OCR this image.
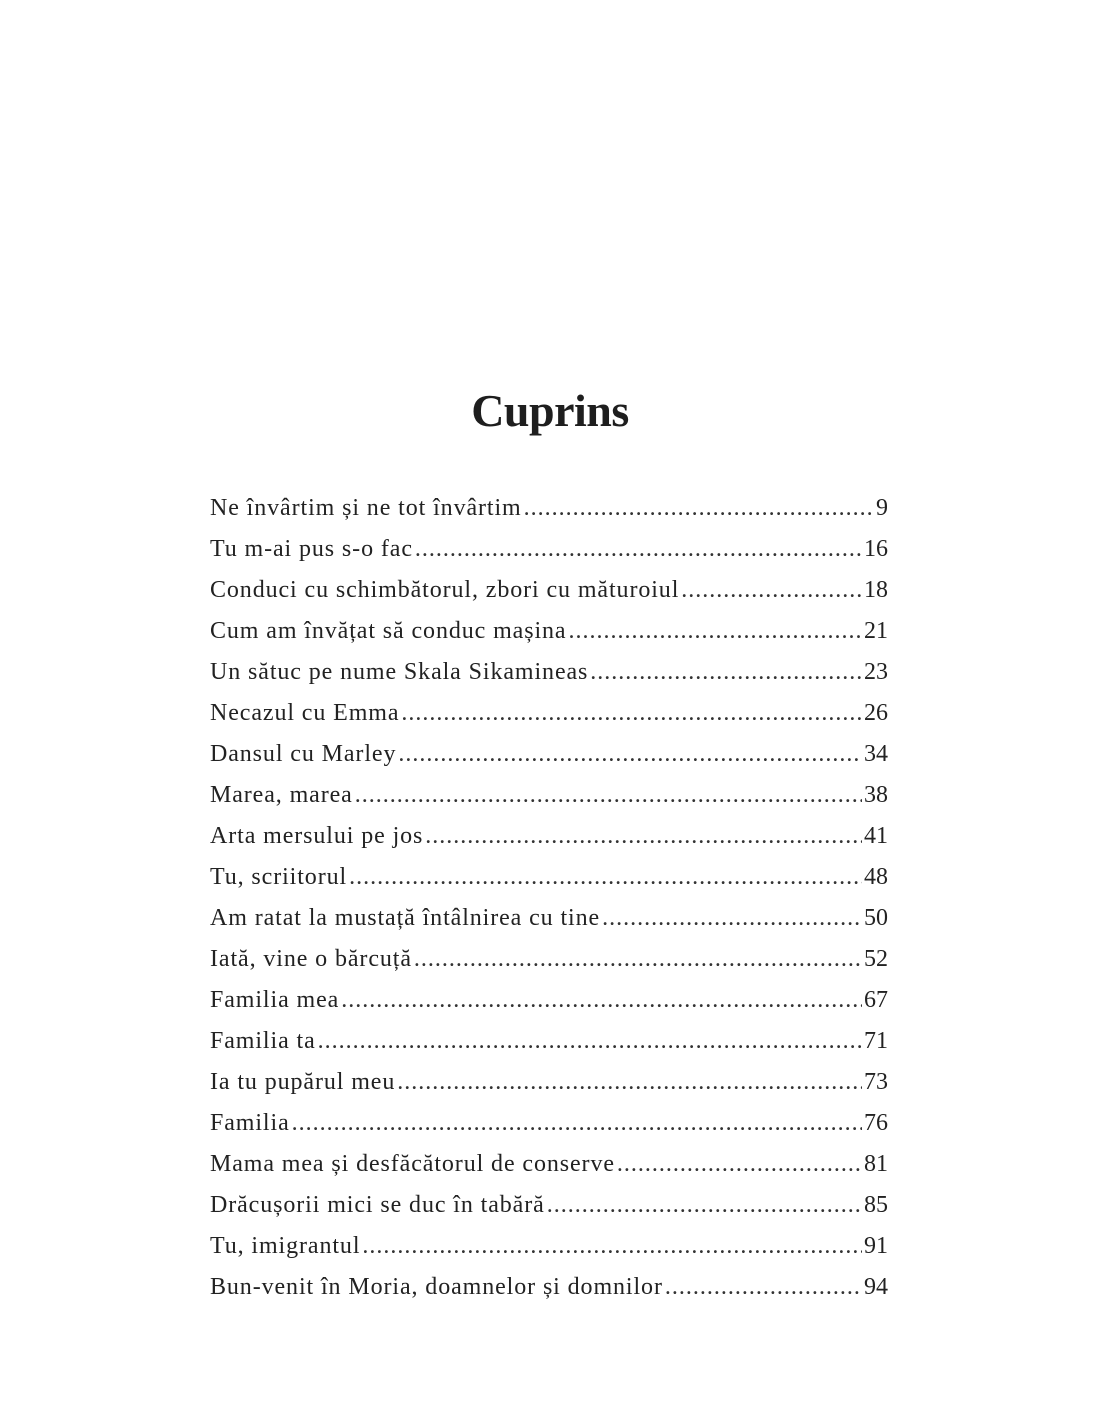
Cuprins
Ne învârtim și ne tot învârtim .....	9
Tu m-ai pus s-o fac .....	16
Conduci cu schimbătorul, zbori cu măturoiul .....	18
Cum am învățat să conduc mașina .....	21
Un sătuc pe nume Skala Sikamineas .....	23
Necazul cu Emma .....	26
Dansul cu Marley .....	34
Marea, marea .....	38
Arta mersului pe jos .....	41
Tu, scriitorul .....	48
Am ratat la mustață întâlnirea cu tine .....	50
Iată, vine o bărcuță .....	52
Familia mea .....	67
Familia ta .....	71
Ia tu pupărul meu .....	73
Familia .....	76
Mama mea și desfăcătorul de conserve .....	81
Drăcușorii mici se duc în tabără .....	85
Tu, imigrantul .....	91
Bun-venit în Moria, doamnelor și domnilor .....	94
